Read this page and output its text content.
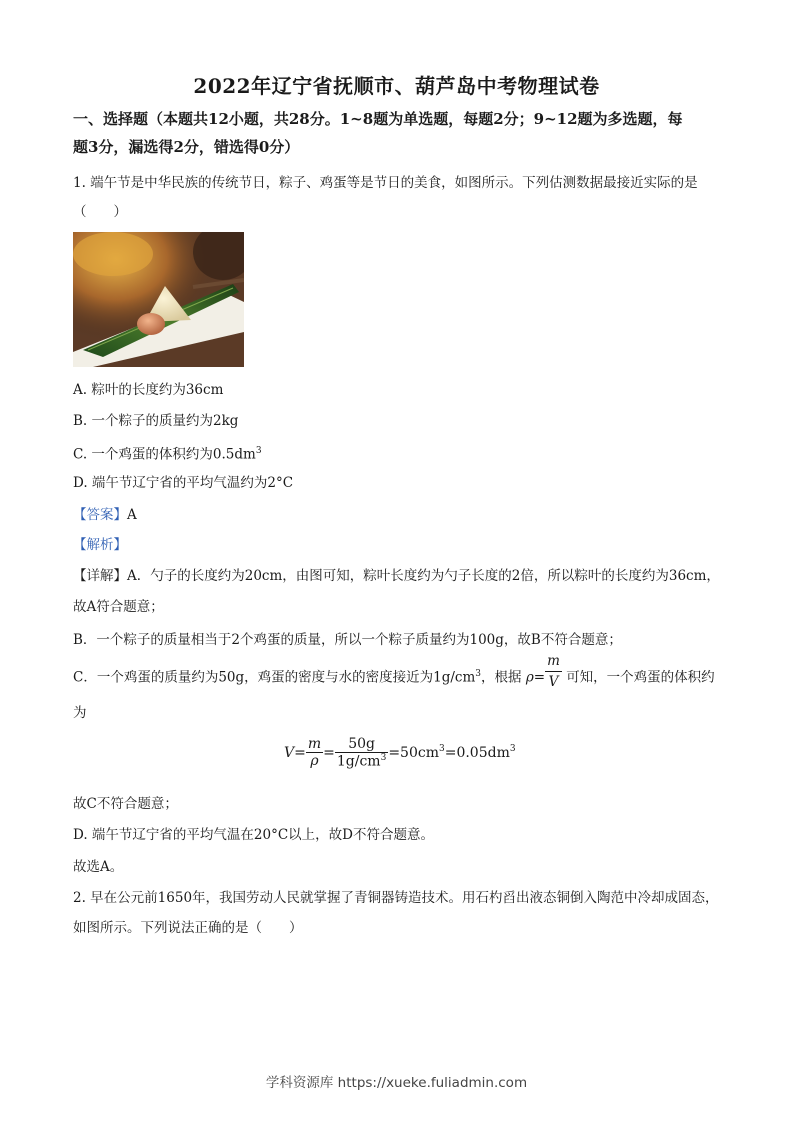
2022年辽宁省抚顺市、葫芦岛中考物理试卷
一、选择题（本题共12小题，共28分。1~8题为单选题，每题2分；9~12题为多选题，每
题3分，漏选得2分，错选得0分）
1. 端午节是中华民族的传统节日，粽子、鸡蛋等是节日的美食，如图所示。下列估测数据最接近实际的是
（　　）
A. 粽叶的长度约为36cm
B. 一个粽子的质量约为2kg
C. 一个鸡蛋的体积约为$0.5dm^3$
D. 端午节辽宁省的平均气温约为2°C
【答案】A
【解析】
【详解】A．勺子的长度约为20cm，由图可知，粽叶长度约为勺子长度的2倍，所以粽叶的长度约为36cm，
故A符合题意；
B．一个粽子的质量相当于2个鸡蛋的质量，所以一个粽子质量约为100g，故B不符合题意；
C．一个鸡蛋的质量约为50g，鸡蛋的密度与水的密度接近为$1g/cm^3$，根据 $\rho= \frac{m}{V}$ 可知，一个鸡蛋的体积约
为
$V= \frac{m}{\rho} = \frac{50g}{1g/cm^3} =50cm^3=0.05dm^3$
故C不符合题意；
D. 端午节辽宁省的平均气温在20°C以上，故D不符合题意。
故选A。
2. 早在公元前1650年，我国劳动人民就掌握了青铜器铸造技术。用石杓舀出液态铜倒入陶范中冷却成固态，
如图所示。下列说法正确的是（　　）
学科资源库 https://xueke.fuliadmin.com
